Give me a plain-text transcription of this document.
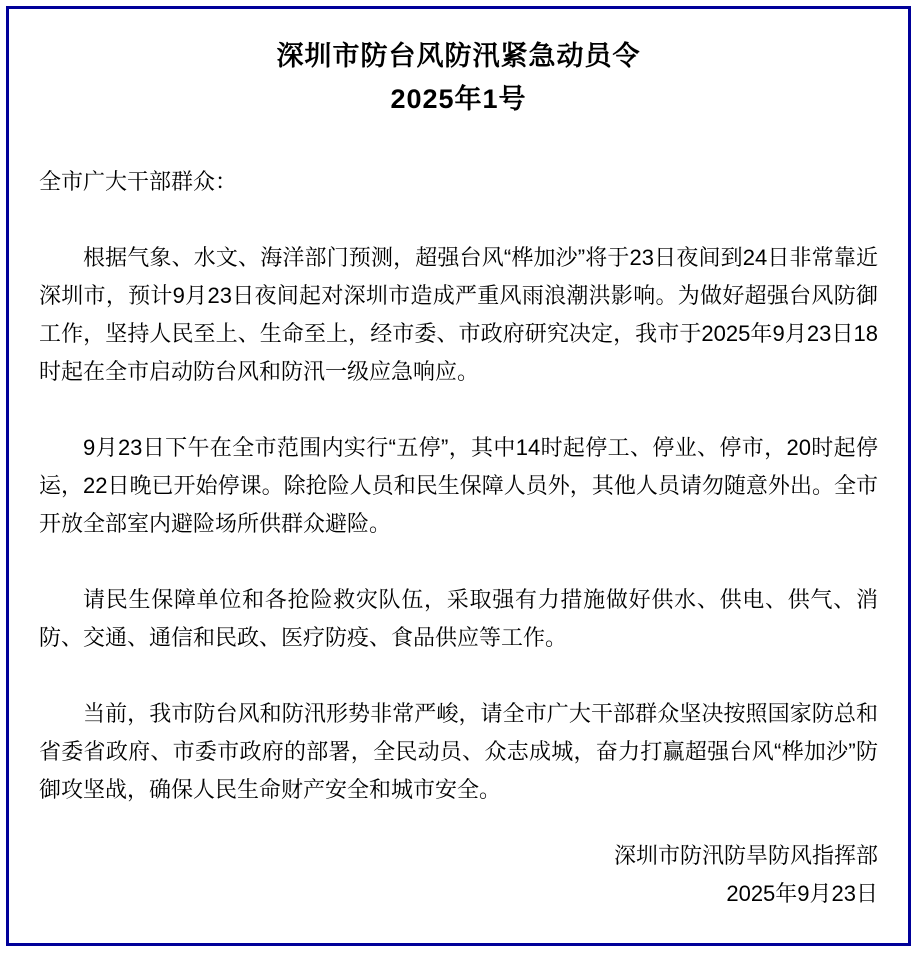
深圳市防台风防汛紧急动员令
2025年1号

全市广大干部群众：

根据气象、水文、海洋部门预测，超强台风“桦加沙”将于23日夜间到24日非常靠近深圳市，预计9月23日夜间起对深圳市造成严重风雨浪潮洪影响。为做好超强台风防御工作，坚持人民至上、生命至上，经市委、市政府研究决定，我市于2025年9月23日18时起在全市启动防台风和防汛一级应急响应。

9月23日下午在全市范围内实行“五停”，其中14时起停工、停业、停市，20时起停运，22日晚已开始停课。除抢险人员和民生保障人员外，其他人员请勿随意外出。全市开放全部室内避险场所供群众避险。

请民生保障单位和各抢险救灾队伍，采取强有力措施做好供水、供电、供气、消防、交通、通信和民政、医疗防疫、食品供应等工作。

当前，我市防台风和防汛形势非常严峻，请全市广大干部群众坚决按照国家防总和省委省政府、市委市政府的部署，全民动员、众志成城，奋力打赢超强台风“桦加沙”防御攻坚战，确保人民生命财产安全和城市安全。

深圳市防汛防旱防风指挥部

2025年9月23日
